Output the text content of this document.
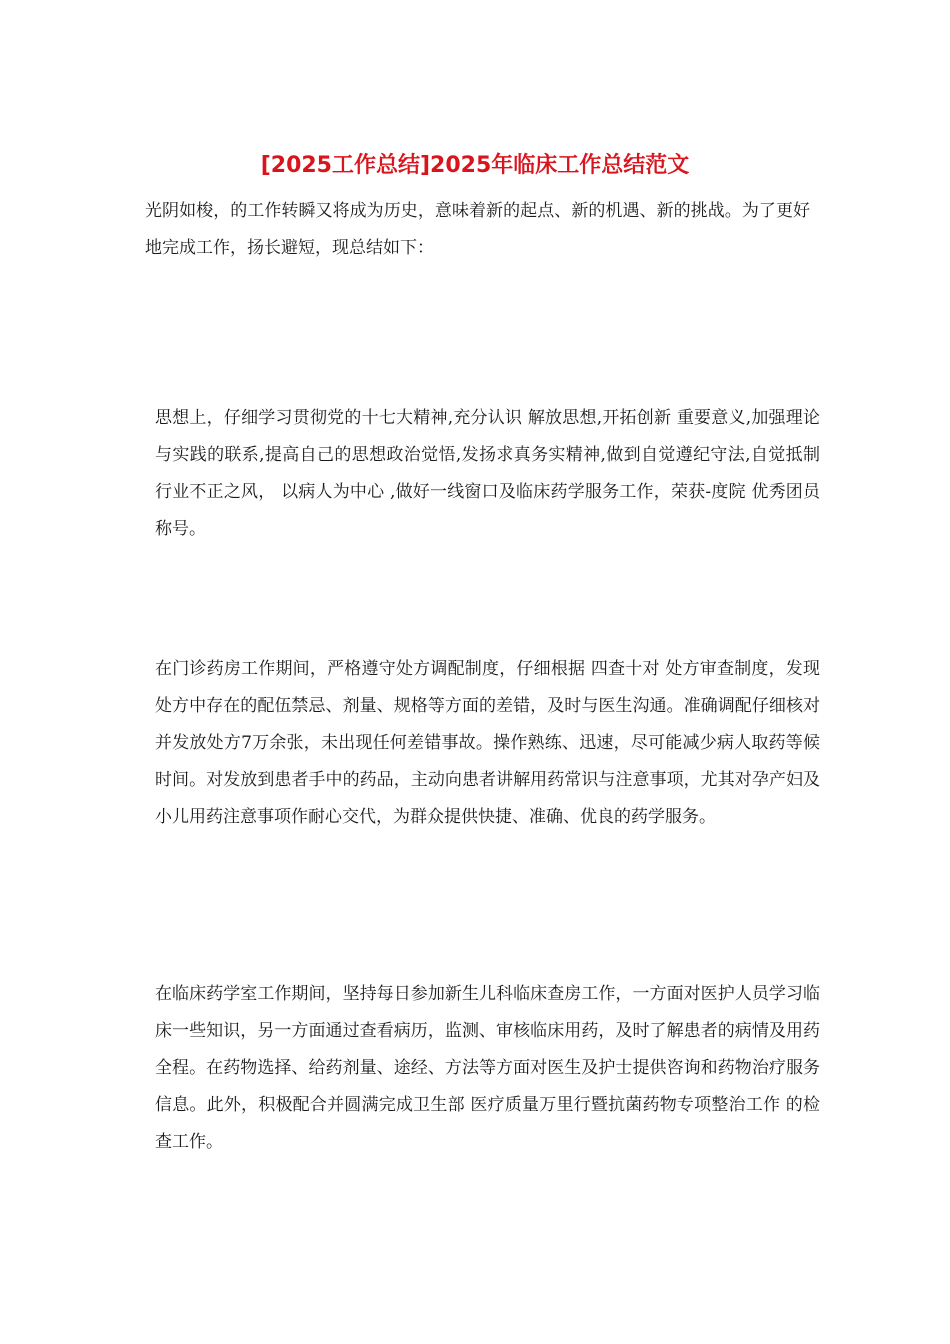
[2025工作总结]2025年临床工作总结范文

光阴如梭，的工作转瞬又将成为历史，意味着新的起点、新的机遇、新的挑战。为了更好地完成工作，扬长避短，现总结如下：

思想上，仔细学习贯彻党的十七大精神,充分认识 解放思想,开拓创新 重要意义,加强理论与实践的联系,提高自己的思想政治觉悟,发扬求真务实精神,做到自觉遵纪守法,自觉抵制行业不正之风， 以病人为中心 ,做好一线窗口及临床药学服务工作，荣获-度院 优秀团员 称号。

在门诊药房工作期间，严格遵守处方调配制度，仔细根据 四查十对 处方审查制度，发现处方中存在的配伍禁忌、剂量、规格等方面的差错，及时与医生沟通。准确调配仔细核对并发放处方7万余张，未出现任何差错事故。操作熟练、迅速，尽可能减少病人取药等候时间。对发放到患者手中的药品，主动向患者讲解用药常识与注意事项，尤其对孕产妇及小儿用药注意事项作耐心交代，为群众提供快捷、准确、优良的药学服务。

在临床药学室工作期间，坚持每日参加新生儿科临床查房工作，一方面对医护人员学习临床一些知识，另一方面通过查看病历，监测、审核临床用药，及时了解患者的病情及用药全程。在药物选择、给药剂量、途经、方法等方面对医生及护士提供咨询和药物治疗服务信息。此外，积极配合并圆满完成卫生部 医疗质量万里行暨抗菌药物专项整治工作 的检查工作。
